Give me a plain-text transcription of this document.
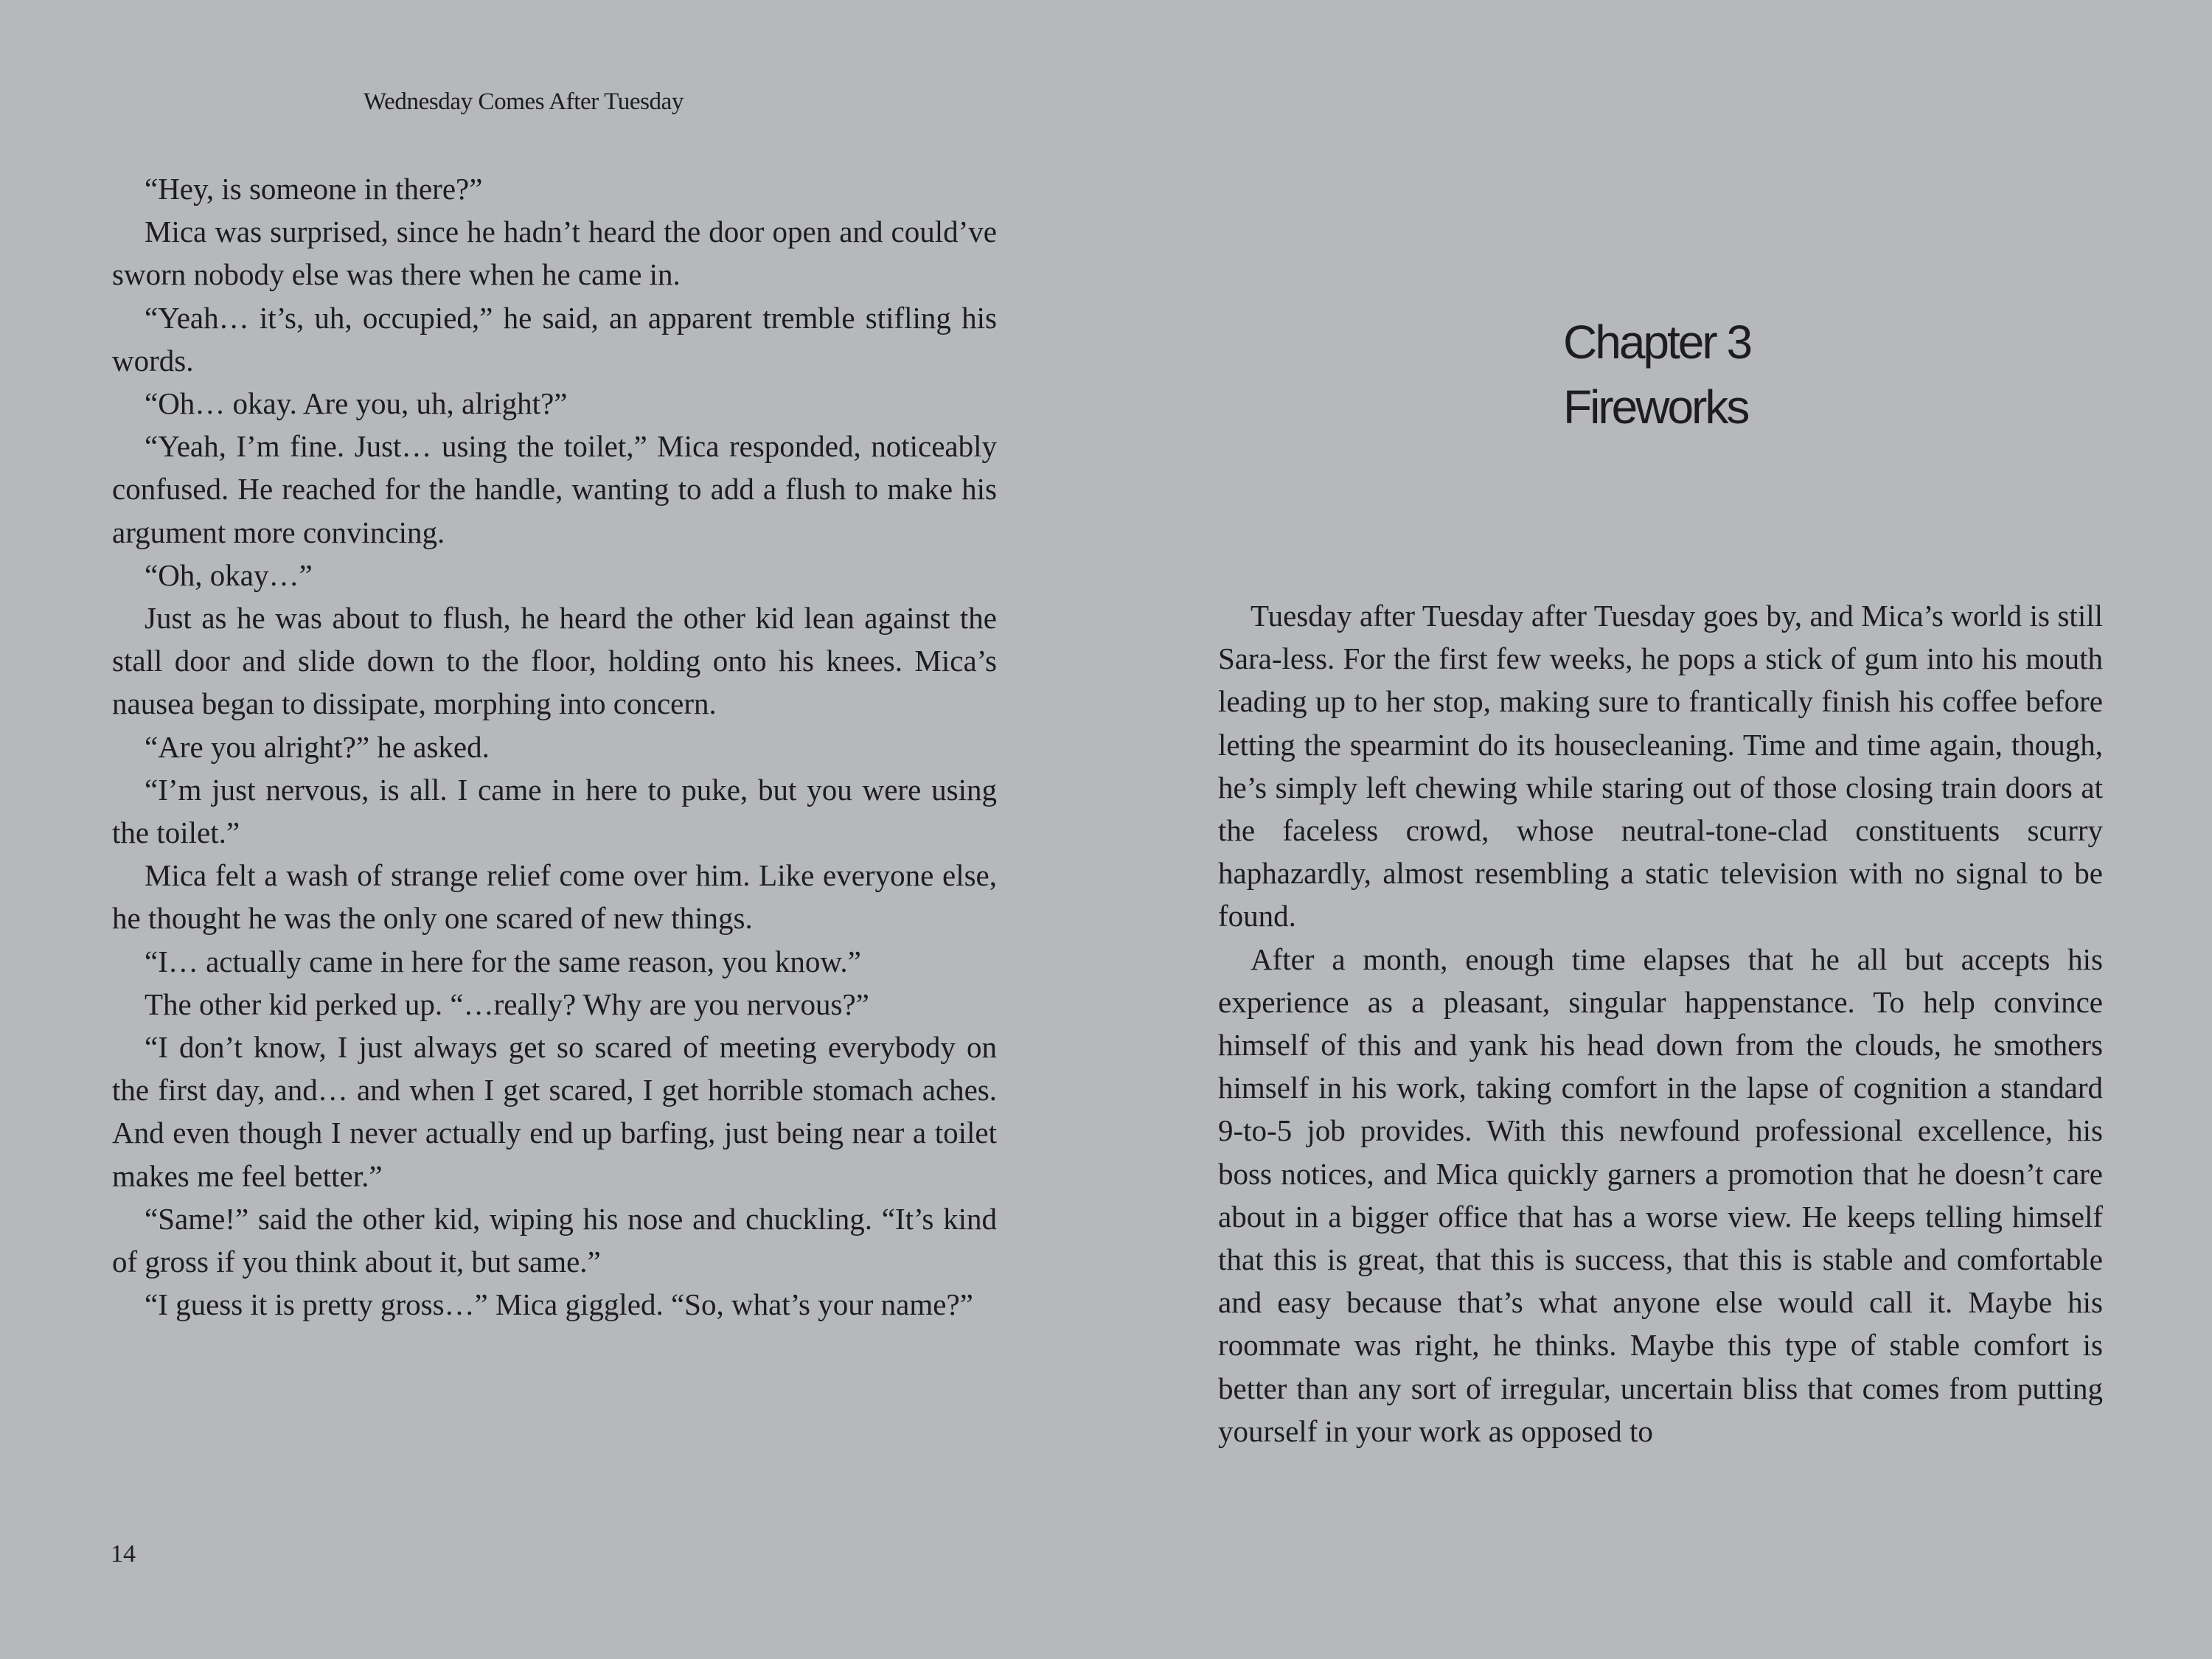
Wednesday Comes After Tuesday

“Hey, is someone in there?”

Mica was surprised, since he hadn’t heard the door open and could’ve sworn nobody else was there when he came in.

“Yeah… it’s, uh, occupied,” he said, an apparent tremble stifling his words.

“Oh… okay. Are you, uh, alright?”

“Yeah, I’m fine. Just… using the toilet,” Mica responded, noticeably confused. He reached for the handle, wanting to add a flush to make his argument more convincing.

“Oh, okay…”

Just as he was about to flush, he heard the other kid lean against the stall door and slide down to the floor, holding onto his knees. Mica’s nausea began to dissipate, morphing into concern.

“Are you alright?” he asked.

“I’m just nervous, is all. I came in here to puke, but you were using the toilet.”

Mica felt a wash of strange relief come over him. Like everyone else, he thought he was the only one scared of new things.

“I… actually came in here for the same reason, you know.”

The other kid perked up. “…really? Why are you nervous?”

“I don’t know, I just always get so scared of meeting everybody on the first day, and… and when I get scared, I get horrible stomach aches. And even though I never actually end up barfing, just being near a toilet makes me feel better.”

“Same!” said the other kid, wiping his nose and chuckling. “It’s kind of gross if you think about it, but same.”

“I guess it is pretty gross…” Mica giggled. “So, what’s your name?”

14
Chapter 3
Fireworks

Tuesday after Tuesday after Tuesday goes by, and Mica’s world is still Sara-less. For the first few weeks, he pops a stick of gum into his mouth leading up to her stop, making sure to frantically finish his coffee before letting the spearmint do its housecleaning. Time and time again, though, he’s simply left chewing while staring out of those closing train doors at the faceless crowd, whose neutral-tone-clad constituents scurry haphazardly, almost resembling a static television with no signal to be found.

After a month, enough time elapses that he all but accepts his experience as a pleasant, singular happenstance. To help convince himself of this and yank his head down from the clouds, he smothers himself in his work, taking comfort in the lapse of cognition a standard 9-to-5 job provides. With this newfound professional excellence, his boss notices, and Mica quickly garners a promotion that he doesn’t care about in a bigger office that has a worse view. He keeps telling himself that this is great, that this is success, that this is stable and comfortable and easy because that’s what anyone else would call it. Maybe his roommate was right, he thinks. Maybe this type of stable comfort is better than any sort of irregular, uncertain bliss that comes from putting yourself in your work as opposed to
